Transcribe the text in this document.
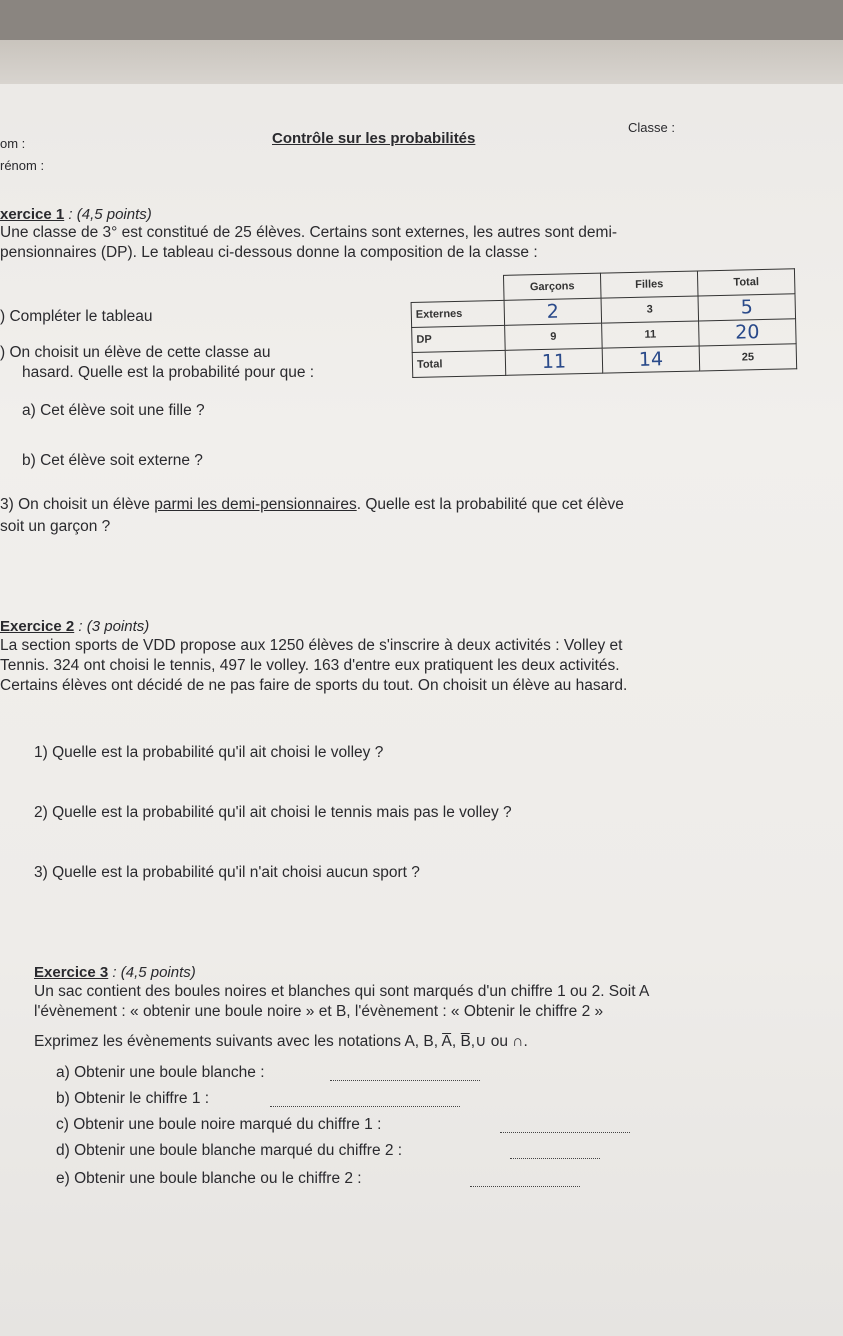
om :
rénom :
Contrôle sur les probabilités
Classe :
xercice 1 : (4,5 points)
Une classe de 3° est constitué de 25 élèves. Certains sont externes, les autres sont demi-
pensionnaires (DP). Le tableau ci-dessous donne la composition de la classe :
) Compléter le tableau
) On choisit un élève de cette classe au
hasard. Quelle est la probabilité pour que :
	Garçons	Filles	Total
Externes	2	3	5
DP	9	11	20
Total	11	14	25
a) Cet élève soit une fille ?
b) Cet élève soit externe ?
3) On choisit un élève parmi les demi-pensionnaires. Quelle est la probabilité que cet élève
soit un garçon ?
Exercice 2 : (3 points)
La section sports de VDD propose aux 1250 élèves de s'inscrire à deux activités : Volley et
Tennis. 324 ont choisi le tennis, 497 le volley. 163 d'entre eux pratiquent les deux activités.
Certains élèves ont décidé de ne pas faire de sports du tout. On choisit un élève au hasard.
1) Quelle est la probabilité qu'il ait choisi le volley ?
2) Quelle est la probabilité qu'il ait choisi le tennis mais pas le volley ?
3) Quelle est la probabilité qu'il n'ait choisi aucun sport ?
Exercice 3 : (4,5 points)
Un sac contient des boules noires et blanches qui sont marqués d'un chiffre 1 ou 2. Soit A
l'évènement : « obtenir une boule noire » et B, l'évènement : « Obtenir le chiffre 2 »
Exprimez les évènements suivants avec les notations A, B, A̅, B̅,∪ ou ∩.
a) Obtenir une boule blanche :
b) Obtenir le chiffre 1 :
c) Obtenir une boule noire marqué du chiffre 1 :
d) Obtenir une boule blanche marqué du chiffre 2 :
e) Obtenir une boule blanche ou le chiffre 2 :
